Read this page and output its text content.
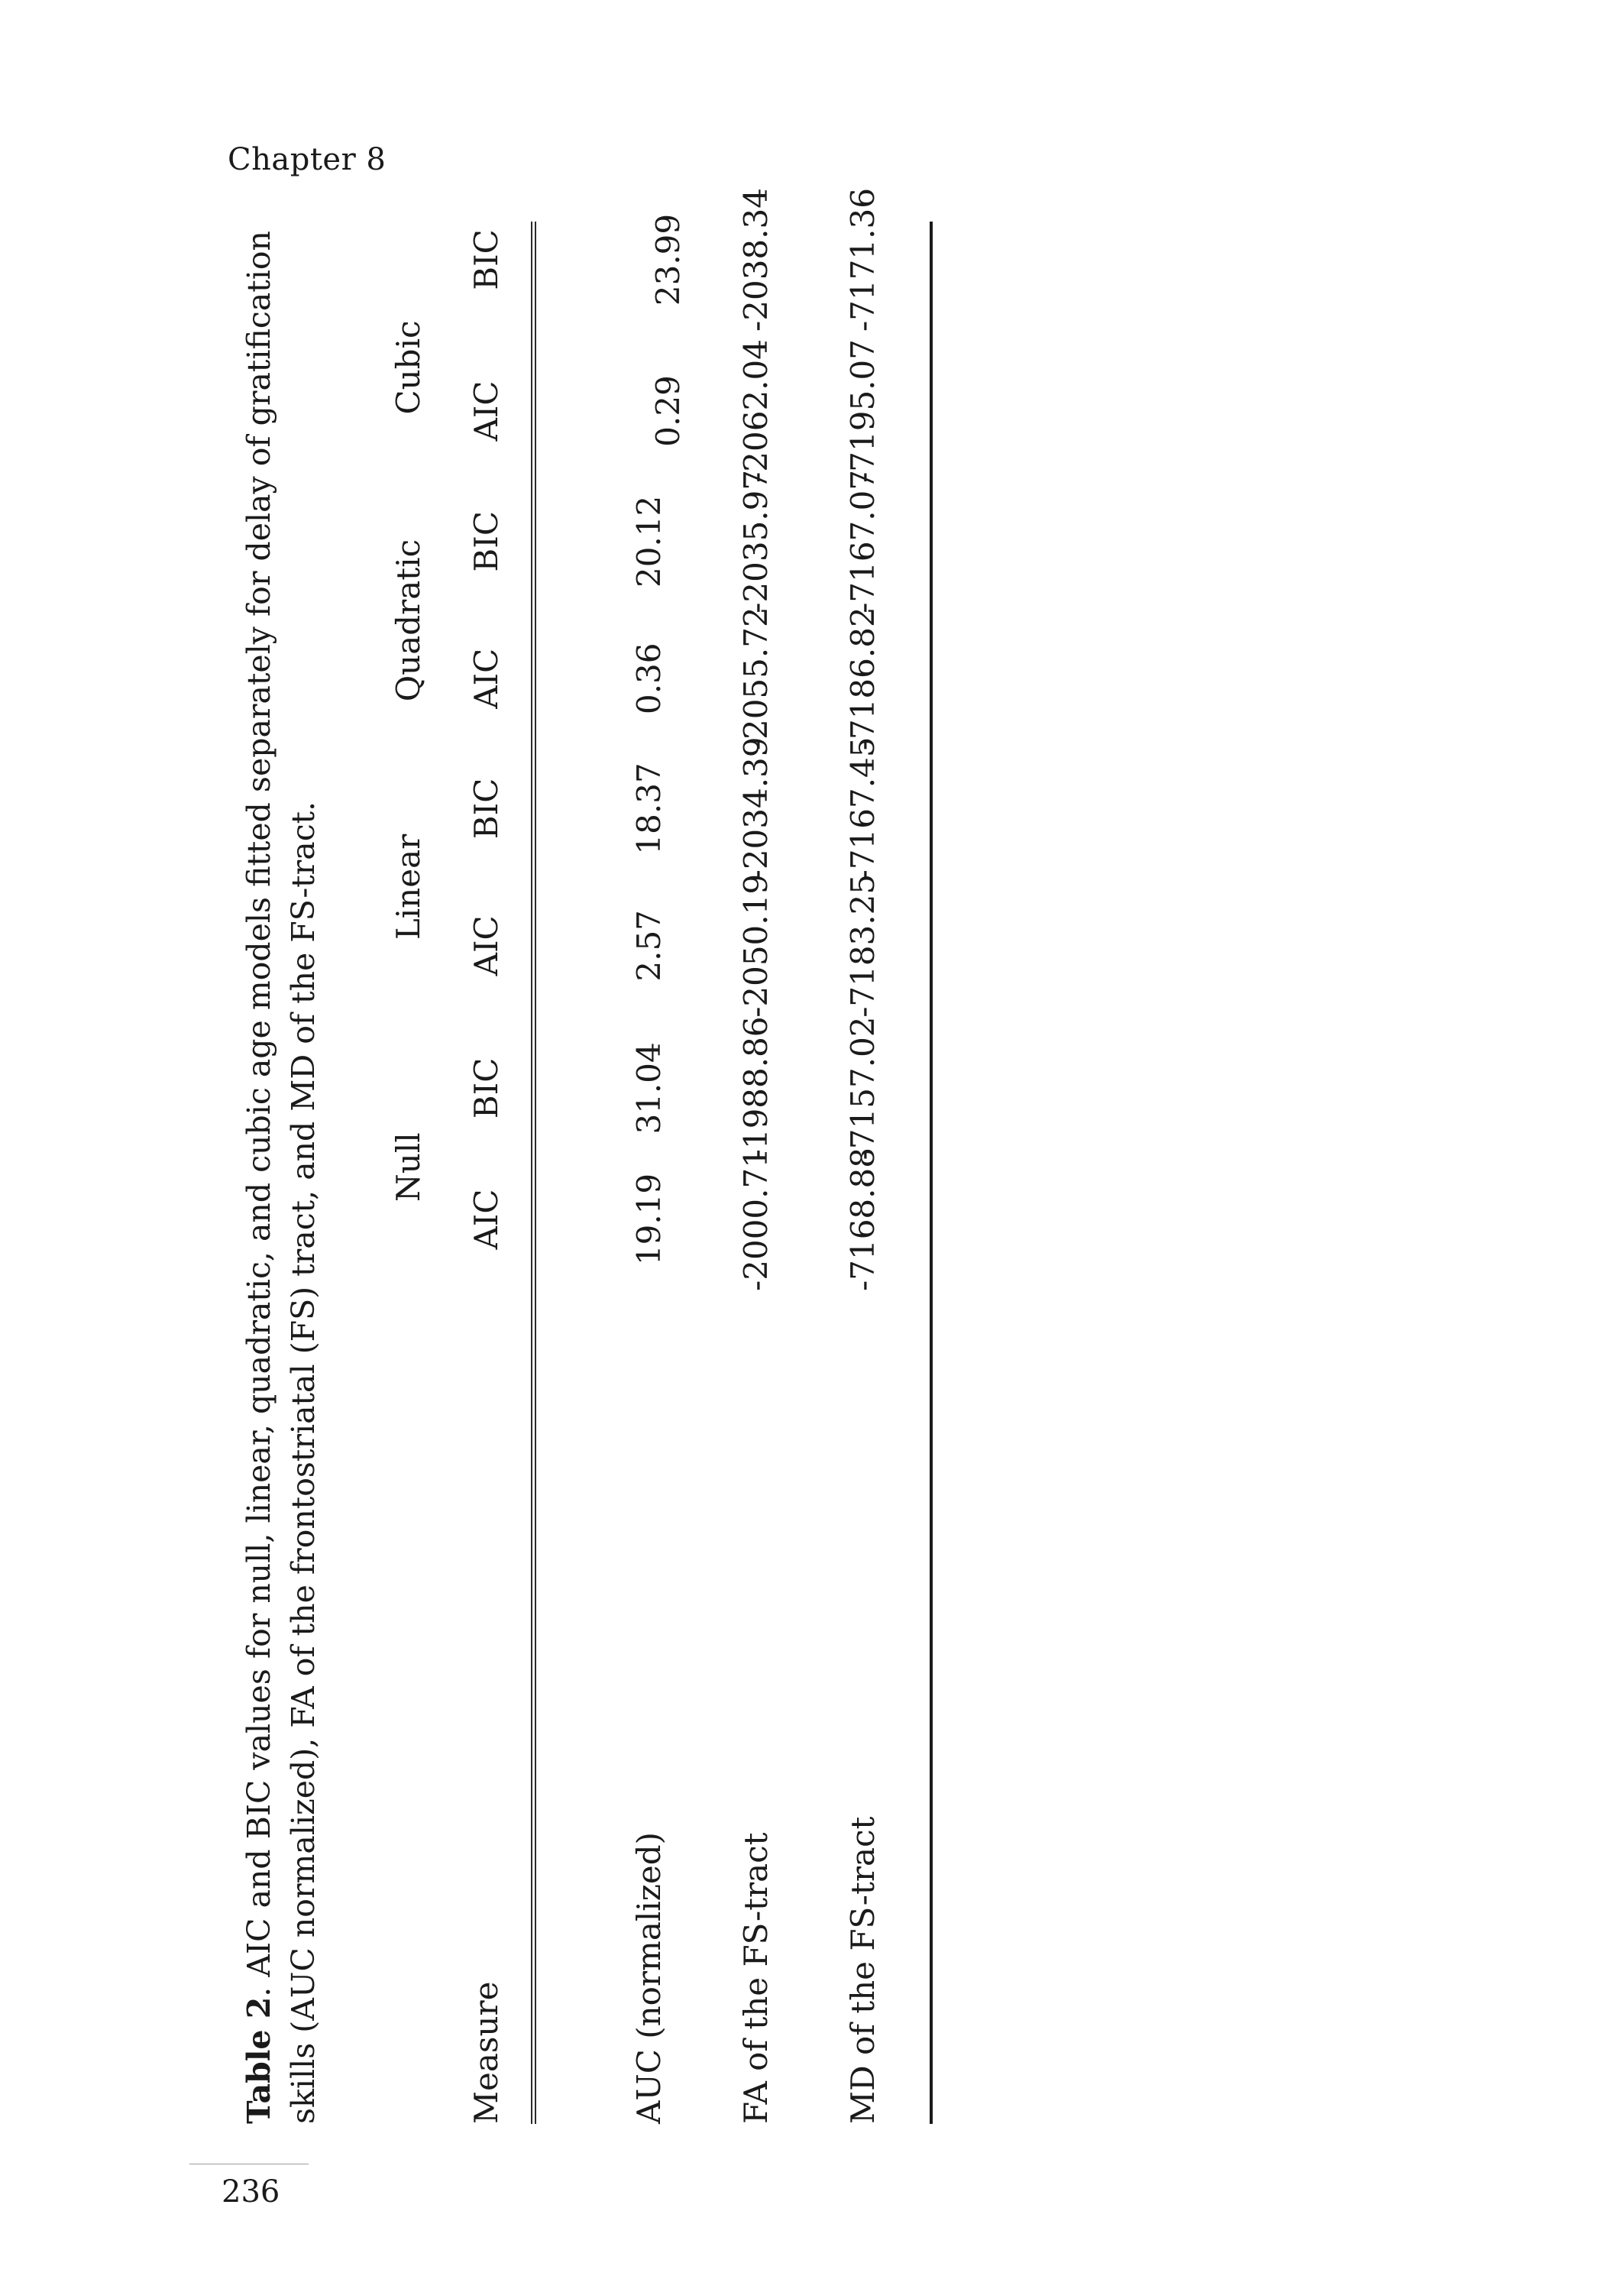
Chapter 8
Table 2. AIC and BIC values for null, linear, quadratic, and cubic age models fitted separately for delay of gratification skills (AUC normalized), FA of the frontostriatal (FS) tract, and MD of the FS-tract. Null
Linear
Quadratic
Cubic
Measure
AIC
BIC
AIC
BIC
AIC
BIC
AIC
BIC
AUC (normalized)
19.19
31.04
2.57
18.37
0.36
20.12
0.29
23.99
FA of the FS-tract
-2000.71
-1988.86
-2050.19
-2034.39
-2055.72
-2035.97
-2062.04
-2038.34
MD of the FS-tract
-7168.88
-7157.02
-7183.25
-7167.45
-7186.82
-7167.07
-7195.07
-7171.36
236
